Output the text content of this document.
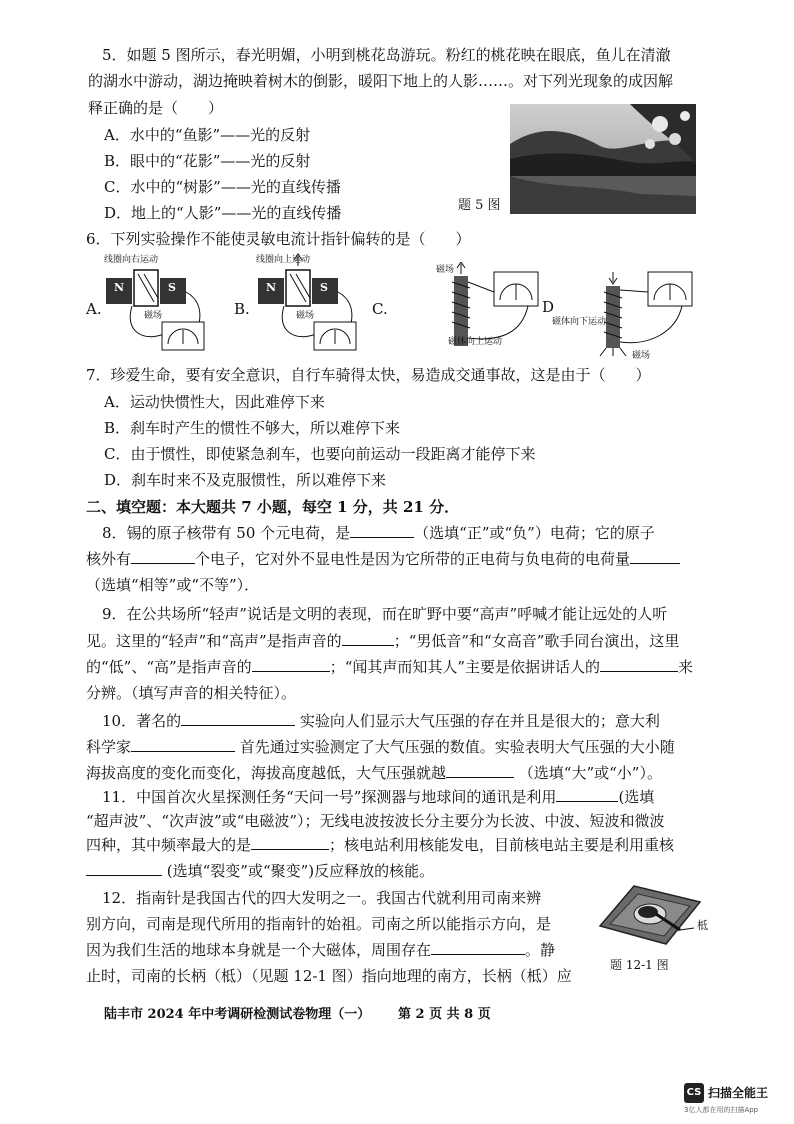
5．如题 5 图所示，春光明媚，小明到桃花岛游玩。粉红的桃花映在眼底，鱼儿在清澈
的湖水中游动，湖边掩映着树木的倒影，暖阳下地上的人影……。对下列光现象的成因解
释正确的是（　　）
A．水中的“鱼影”——光的反射
B．眼中的“花影”——光的反射
C．水中的“树影”——光的直线传播
D．地上的“人影”——光的直线传播	题 5 图
6．下列实验操作不能使灵敏电流计指针偏转的是（　　）
A.
线圈向右运动
N	S
磁场	B.
线圈向上运动
N	S
磁场	C.
磁场
磁体向上运动
D
磁体向下运动
磁场
7．珍爱生命，要有安全意识，自行车骑得太快，易造成交通事故，这是由于（　　）
A．运动快惯性大，因此难停下来
B．刹车时产生的惯性不够大，所以难停下来
C．由于惯性，即使紧急刹车，也要向前运动一段距离才能停下来
D．刹车时来不及克服惯性，所以难停下来
二、填空题：本大题共 7 小题，每空 1 分，共 21 分．
8．锡的原子核带有 50 个元电荷，是	（选填“正”或“负”）电荷；它的原子
核外有	个电子，它对外不显电性是因为它所带的正电荷与负电荷的电荷量
（选填“相等”或“不等”）．
9．在公共场所“轻声”说话是文明的表现，而在旷野中要“高声”呼喊才能让远处的人听
见。这里的“轻声”和“高声”是指声音的	；“男低音”和“女高音”歌手同台演出，这里
的“低”、“高”是指声音的	；“闻其声而知其人”主要是依据讲话人的	来
分辨。（填写声音的相关特征）。
10．著名的	实验向人们显示大气压强的存在并且是很大的；意大利
科学家	首先通过实验测定了大气压强的数值。实验表明大气压强的大小随
海拔高度的变化而变化，海拔高度越低，大气压强就越	（选填“大”或“小”）。
11．中国首次火星探测任务“天问一号”探测器与地球间的通讯是利用	(选填
“超声波”、“次声波”或“电磁波”）；无线电波按波长分主要分为长波、中波、短波和微波
四种，其中频率最大的是	；核电站利用核能发电，目前核电站主要是利用重核
(选填“裂变”或“聚变”)反应释放的核能。
12．指南针是我国古代的四大发明之一。我国古代就利用司南来辨
别方向，司南是现代所用的指南针的始祖。司南之所以能指示方向，是
因为我们生活的地球本身就是一个大磁体，周围存在	。静
止时，司南的长柄（柢）（见题 12-1 图）指向地理的南方，长柄（柢）应
柢
题 12-1 图
陆丰市 2024 年中考调研检测试卷物理（一） 第 2 页 共 8 页
CS 扫描全能王
3亿人都在用的扫描App
